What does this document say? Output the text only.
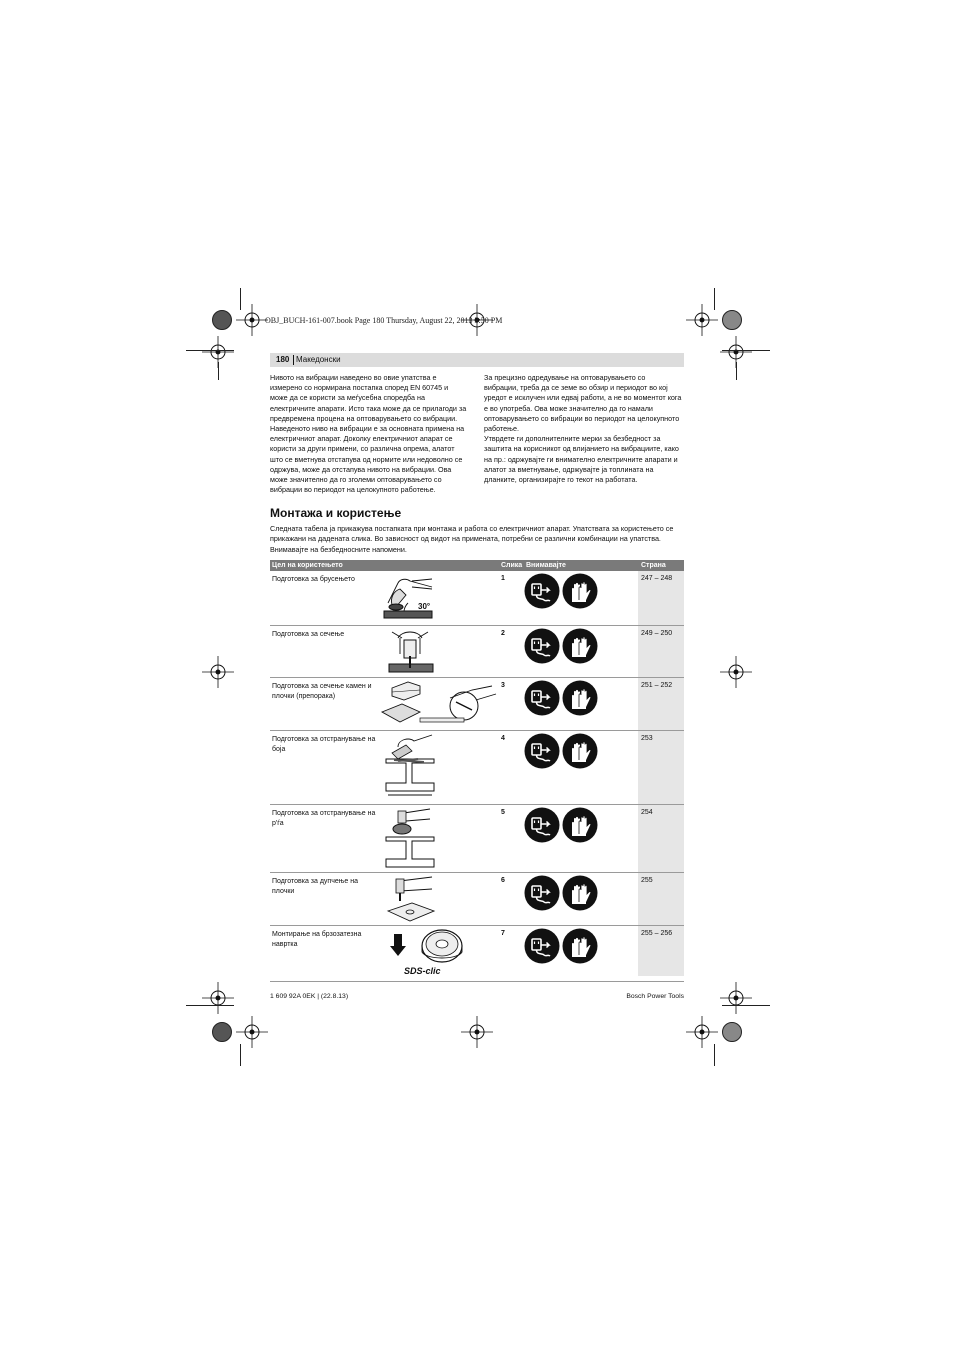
OBJ_BUCH-161-007.book Page 180 Thursday, August 22, 2013 3:50 PM
180 Македонски

Нивото на вибрации наведено во овие упатства е
измерено со нормирана постапка според EN 60745 и
може да се користи за меѓусебна споредба на
електричните апарати. Исто така може да се прилагоди за
предвремена процена на оптоварувањето со вибрации.
Наведеното ниво на вибрации е за основната примена на
електричниот апарат. Доколку електричниот апарат се
користи за други примени, со различна опрема, алатот
што се вметнува отстапува од нормите или недоволно се
одржува, може да отстапува нивото на вибрации. Ова
може значително да го зголеми оптоварувањето со
вибрации во периодот на целокупното работење.

За прецизно одредување на оптоварувањето со
вибрации, треба да се земе во обзир и периодот во кој
уредот е исклучен или едвај работи, а не во моментот кога
е во употреба. Ова може значително да го намали
оптоварувањето со вибрации во периодот на целокупното
работење.

Утврдете ги дополнителните мерки за безбедност за
заштита на корисникот од влијанието на вибрациите, како
на пр.: одржувајте ги внимателно електричните апарати и
алатот за вметнување, одржувајте ја топлината на
дланките, организирајте го текот на работата.

Монтажа и користење
Следната табела ја прикажува постапката при монтажа и работа со електричниот апарат. Упатствата за користењето се
прикажани на дадената слика. Во зависност од видот на примената, потребни се различни комбинации на упатства.
Внимавајте на безбедносните напомени.
Цел на користењето	Слика Внимавајте	Страна
Подготовка за брусењето
30°
1	247 – 248
Подготовка за сечење	2	249 – 250
Подготовка за сечење камен и
плочки (препорака)
3	251 – 252
Подготовка за отстранување на
боја
4	253
Подготовка за отстранување на
р'ѓа
5	254
Подготовка за дупчење на
плочки
6	255
Монтирање на брзозатезна
навртка
SDS-clic
7	255 – 256
1 609 92A 0EK | (22.8.13)	Bosch Power Tools
